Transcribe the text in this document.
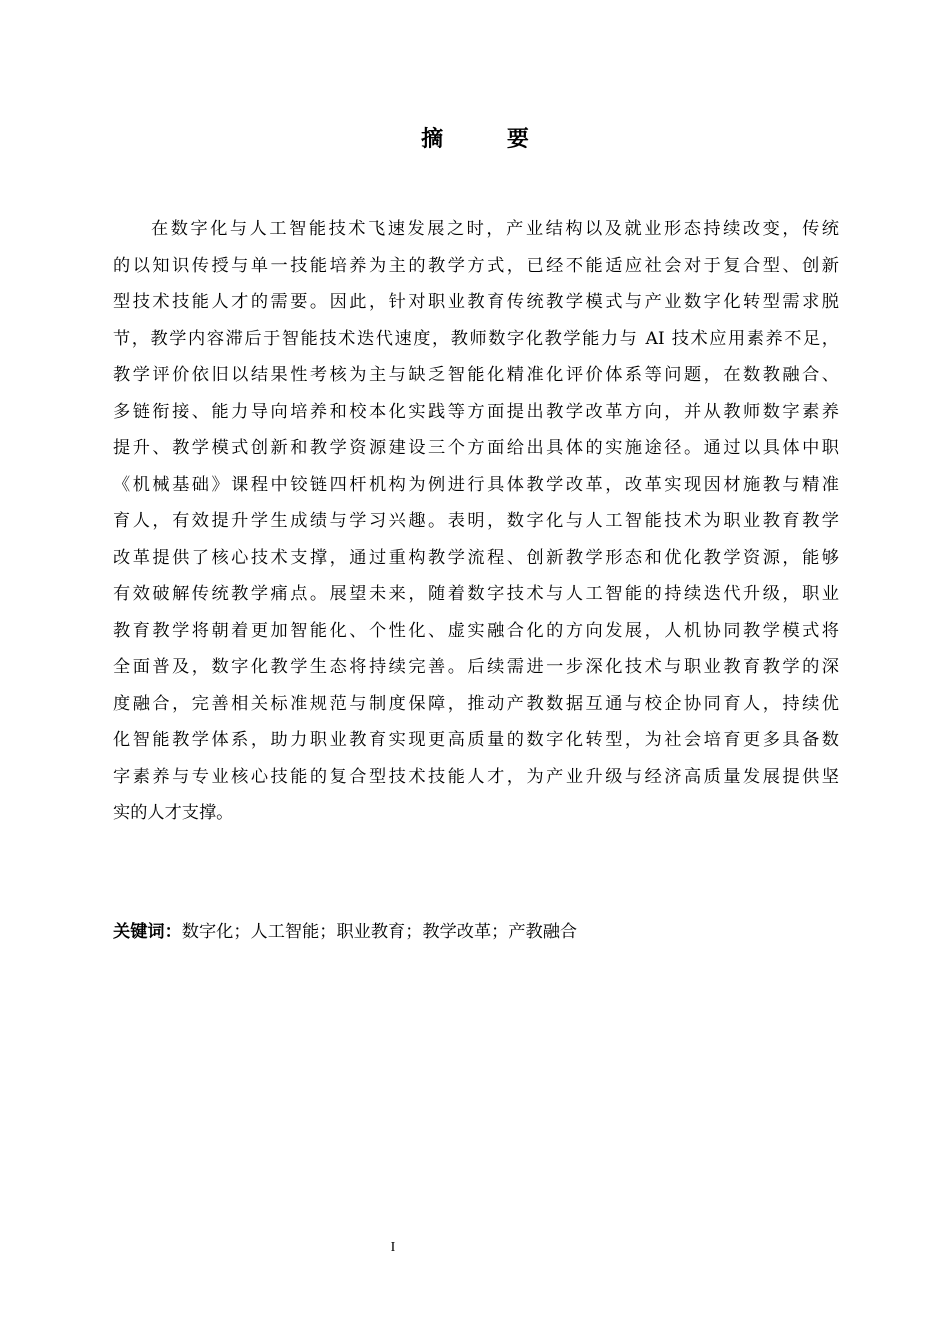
摘 要
在数字化与人工智能技术飞速发展之时，产业结构以及就业形态持续改变，传统
的以知识传授与单一技能培养为主的教学方式，已经不能适应社会对于复合型、创新
型技术技能人才的需要。因此，针对职业教育传统教学模式与产业数字化转型需求脱
节，教学内容滞后于智能技术迭代速度，教师数字化教学能力与 AI 技术应用素养不足，
教学评价依旧以结果性考核为主与缺乏智能化精准化评价体系等问题，在数教融合、
多链衔接、能力导向培养和校本化实践等方面提出教学改革方向，并从教师数字素养
提升、教学模式创新和教学资源建设三个方面给出具体的实施途径。通过以具体中职
《机械基础》课程中铰链四杆机构为例进行具体教学改革，改革实现因材施教与精准
育人，有效提升学生成绩与学习兴趣。表明，数字化与人工智能技术为职业教育教学
改革提供了核心技术支撑，通过重构教学流程、创新教学形态和优化教学资源，能够
有效破解传统教学痛点。展望未来，随着数字技术与人工智能的持续迭代升级，职业
教育教学将朝着更加智能化、个性化、虚实融合化的方向发展，人机协同教学模式将
全面普及，数字化教学生态将持续完善。后续需进一步深化技术与职业教育教学的深
度融合，完善相关标准规范与制度保障，推动产教数据互通与校企协同育人，持续优
化智能教学体系，助力职业教育实现更高质量的数字化转型，为社会培育更多具备数
字素养与专业核心技能的复合型技术技能人才，为产业升级与经济高质量发展提供坚
实的人才支撑。
关键词：数字化；人工智能；职业教育；教学改革；产教融合
I
